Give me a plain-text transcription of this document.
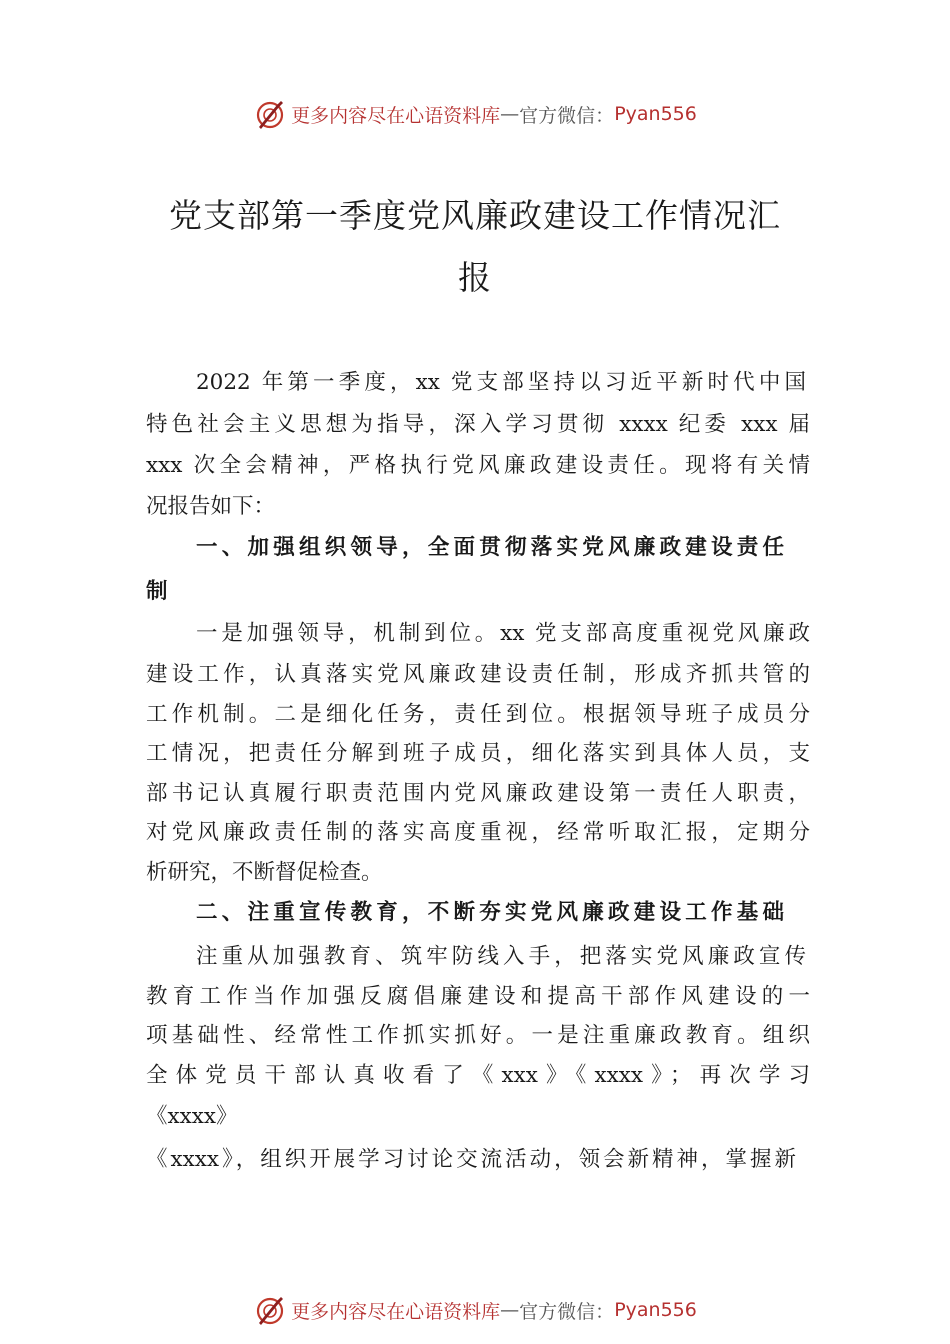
更多内容尽在心语资料库 — 官方微信： Pyan556
党支部第一季度党风廉政建设工作情况汇
报
2022 年第一季度，xx 党支部坚持以习近平新时代中国
特色社会主义思想为指导，深入学习贯彻 xxxx 纪委 xxx 届
xxx 次全会精神，严格执行党风廉政建设责任。现将有关情
况报告如下：
一、加强组织领导，全面贯彻落实党风廉政建设责任
制
一是加强领导，机制到位。xx 党支部高度重视党风廉政
建设工作，认真落实党风廉政建设责任制，形成齐抓共管的
工作机制。二是细化任务，责任到位。根据领导班子成员分
工情况，把责任分解到班子成员，细化落实到具体人员，支
部书记认真履行职责范围内党风廉政建设第一责任人职责，
对党风廉政责任制的落实高度重视，经常听取汇报，定期分
析研究，不断督促检查。
二、注重宣传教育，不断夯实党风廉政建设工作基础
注重从加强教育、筑牢防线入手，把落实党风廉政宣传
教育工作当作加强反腐倡廉建设和提高干部作风建设的一
项基础性、经常性工作抓实抓好。一是注重廉政教育。组织
全体党员干部认真收看了《xxx》《xxxx》；再次学习
《xxxx》
《xxxx》，组织开展学习讨论交流活动，领会新精神，掌握新
更多内容尽在心语资料库 — 官方微信： Pyan556
